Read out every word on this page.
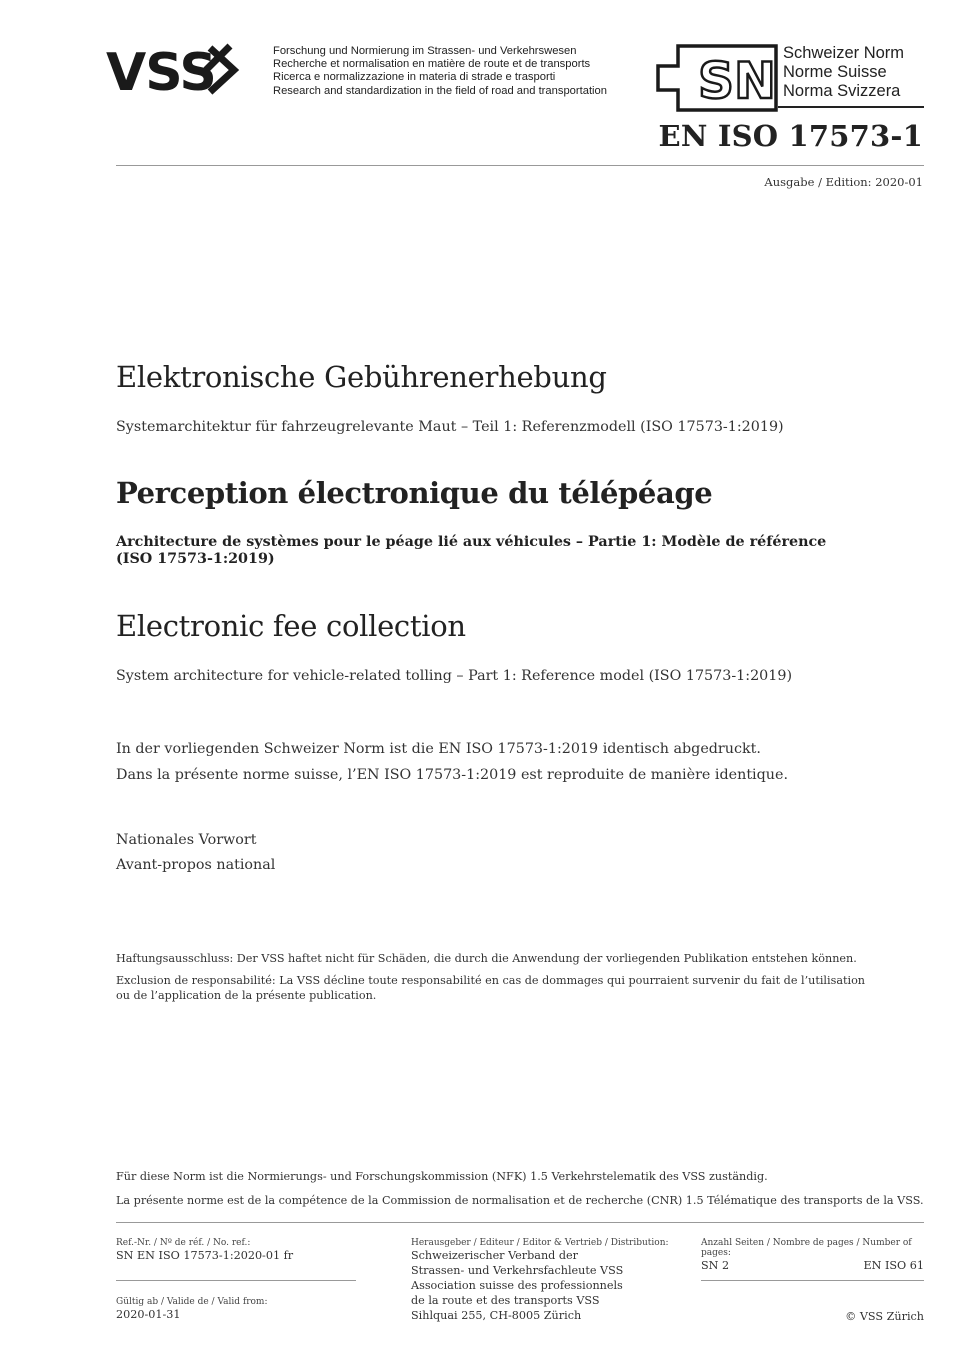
VSS	Forschung und Normierung im Strassen- und Verkehrswesen
Recherche et normalisation en matière de route et de transports
Ricerca e normalizzazione in materia di strade e trasporti
Research and standardization in the field of road and transportation SN Schweizer Norm
Norme Suisse
Norma Svizzera
EN ISO 17573-1
Ausgabe / Edition: 2020-01
Elektronische Gebührenerhebung
Systemarchitektur für fahrzeugrelevante Maut – Teil 1: Referenzmodell (ISO 17573-1:2019)
Perception électronique du télépéage
Architecture de systèmes pour le péage lié aux véhicules – Partie 1: Modèle de référence (ISO 17573-1:2019)
Electronic fee collection
System architecture for vehicle-related tolling – Part 1: Reference model (ISO 17573-1:2019)
In der vorliegenden Schweizer Norm ist die EN ISO 17573-1:2019 identisch abgedruckt.
Dans la présente norme suisse, l’EN ISO 17573-1:2019 est reproduite de manière identique.
Nationales Vorwort
Avant-propos national
Haftungsausschluss: Der VSS haftet nicht für Schäden, die durch die Anwendung der vorliegenden Publikation entstehen können.
Exclusion de responsabilité: La VSS décline toute responsabilité en cas de dommages qui pourraient survenir du fait de l’utilisation
ou de l’application de la présente publication.
Für diese Norm ist die Normierungs- und Forschungskommission (NFK) 1.5 Verkehrstelematik des VSS zuständig.
La présente norme est de la compétence de la Commission de normalisation et de recherche (CNR) 1.5 Télématique des transports de la VSS.
Ref.-Nr. / Nº de réf. / No. ref.:
SN EN ISO 17573-1:2020-01 fr
Gültig ab / Valide de / Valid from:
2020-01-31
Herausgeber / Editeur / Editor & Vertrieb / Distribution:
Schweizerischer Verband der
Strassen- und Verkehrsfachleute VSS
Association suisse des professionnels
de la route et des transports VSS
Sihlquai 255, CH-8005 Zürich
Anzahl Seiten / Nombre de pages / Number of pages:
SN 2	EN ISO 61
© VSS Zürich
